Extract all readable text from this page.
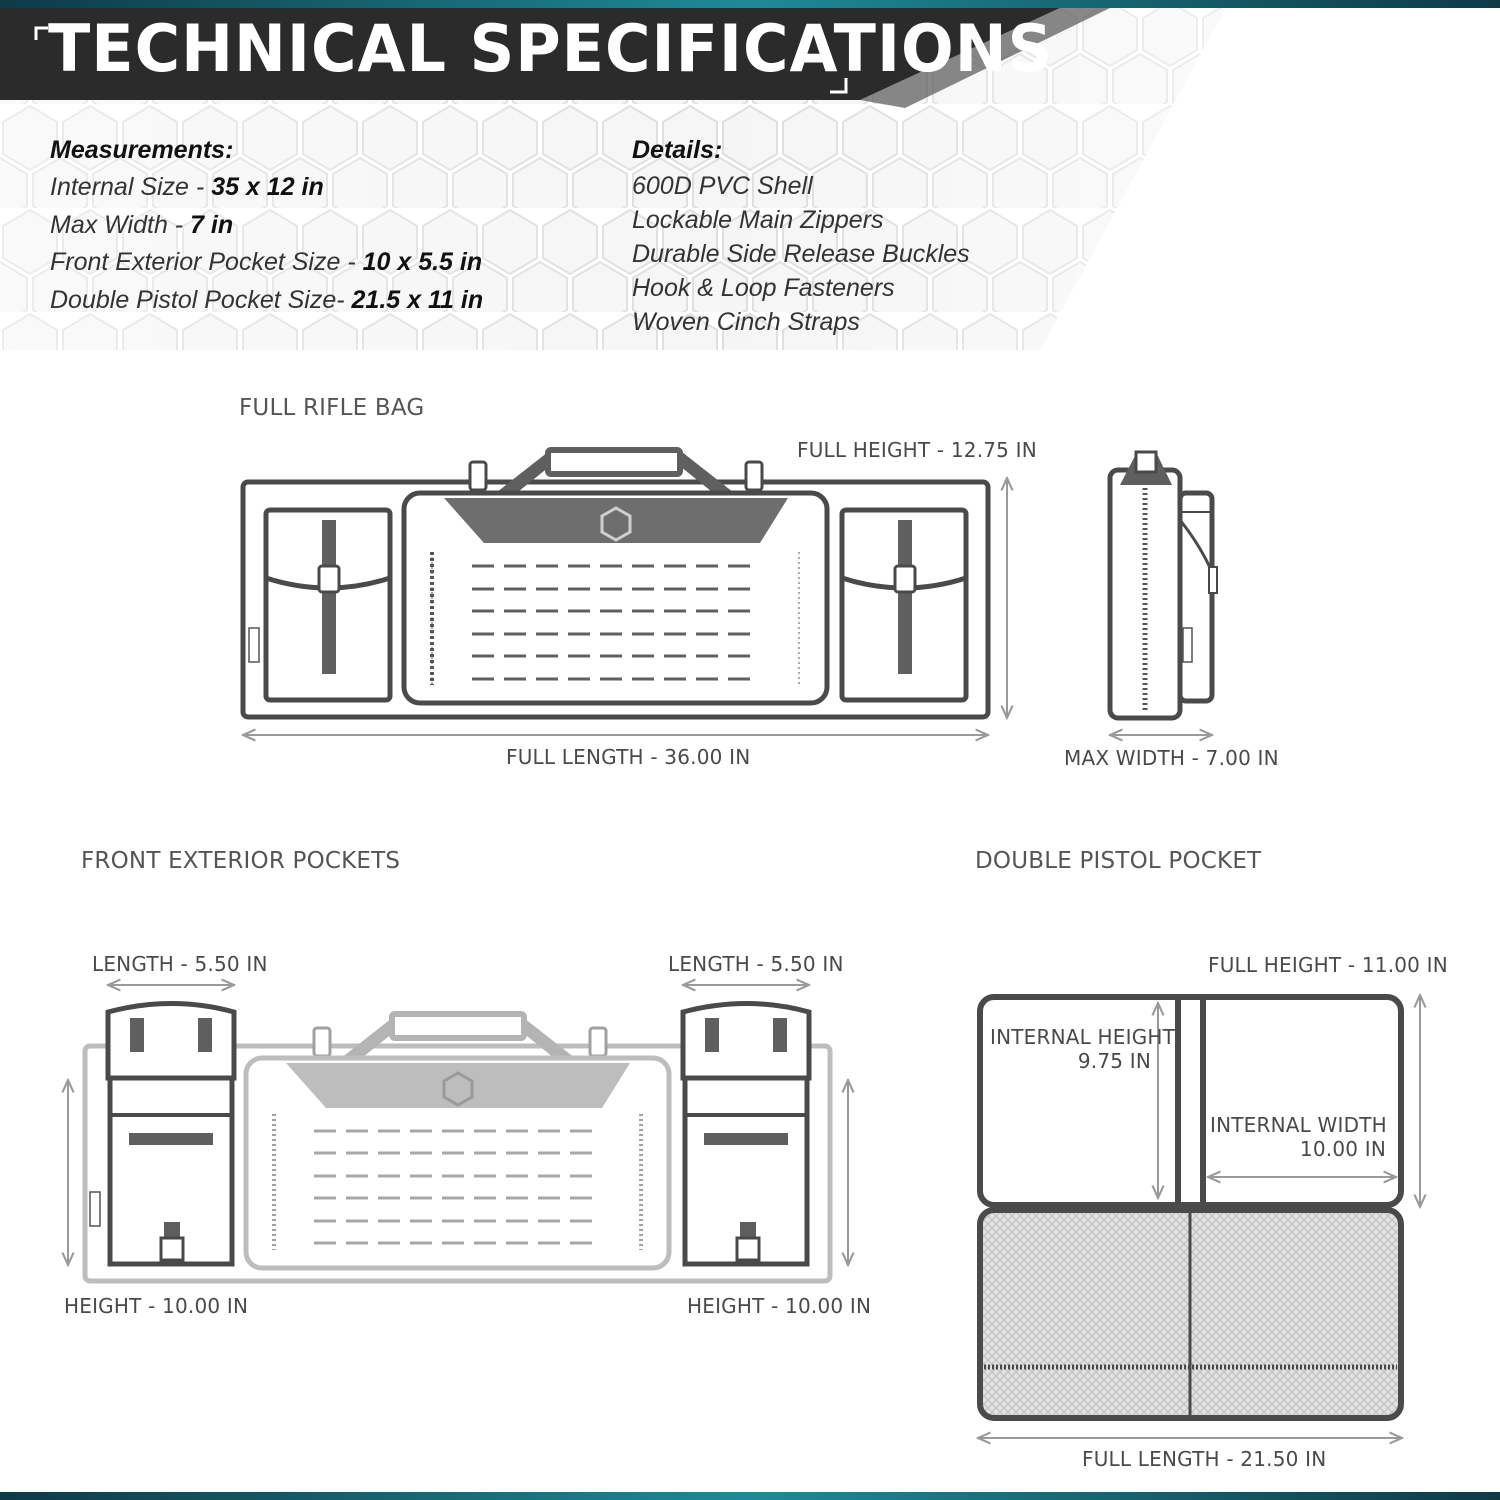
TECHNICAL SPECIFICATIONS
Measurements:
Internal Size - 35 x 12 in
Max Width - 7 in
Front Exterior Pocket Size - 10 x 5.5 in
Double Pistol Pocket Size- 21.5 x 11 in
Details:
600D PVC Shell
Lockable Main Zippers
Durable Side Release Buckles
Hook & Loop Fasteners
Woven Cinch Straps
FULL RIFLE BAG
FULL HEIGHT - 12.75 IN
FULL LENGTH - 36.00 IN	MAX WIDTH - 7.00 IN
FRONT EXTERIOR POCKETS
LENGTH - 5.50 IN	LENGTH - 5.50 IN
HEIGHT - 10.00 IN	HEIGHT - 10.00 IN
DOUBLE PISTOL POCKET
FULL HEIGHT - 11.00 IN
INTERNAL HEIGHT
9.75 IN
INTERNAL WIDTH
10.00 IN
FULL LENGTH - 21.50 IN
